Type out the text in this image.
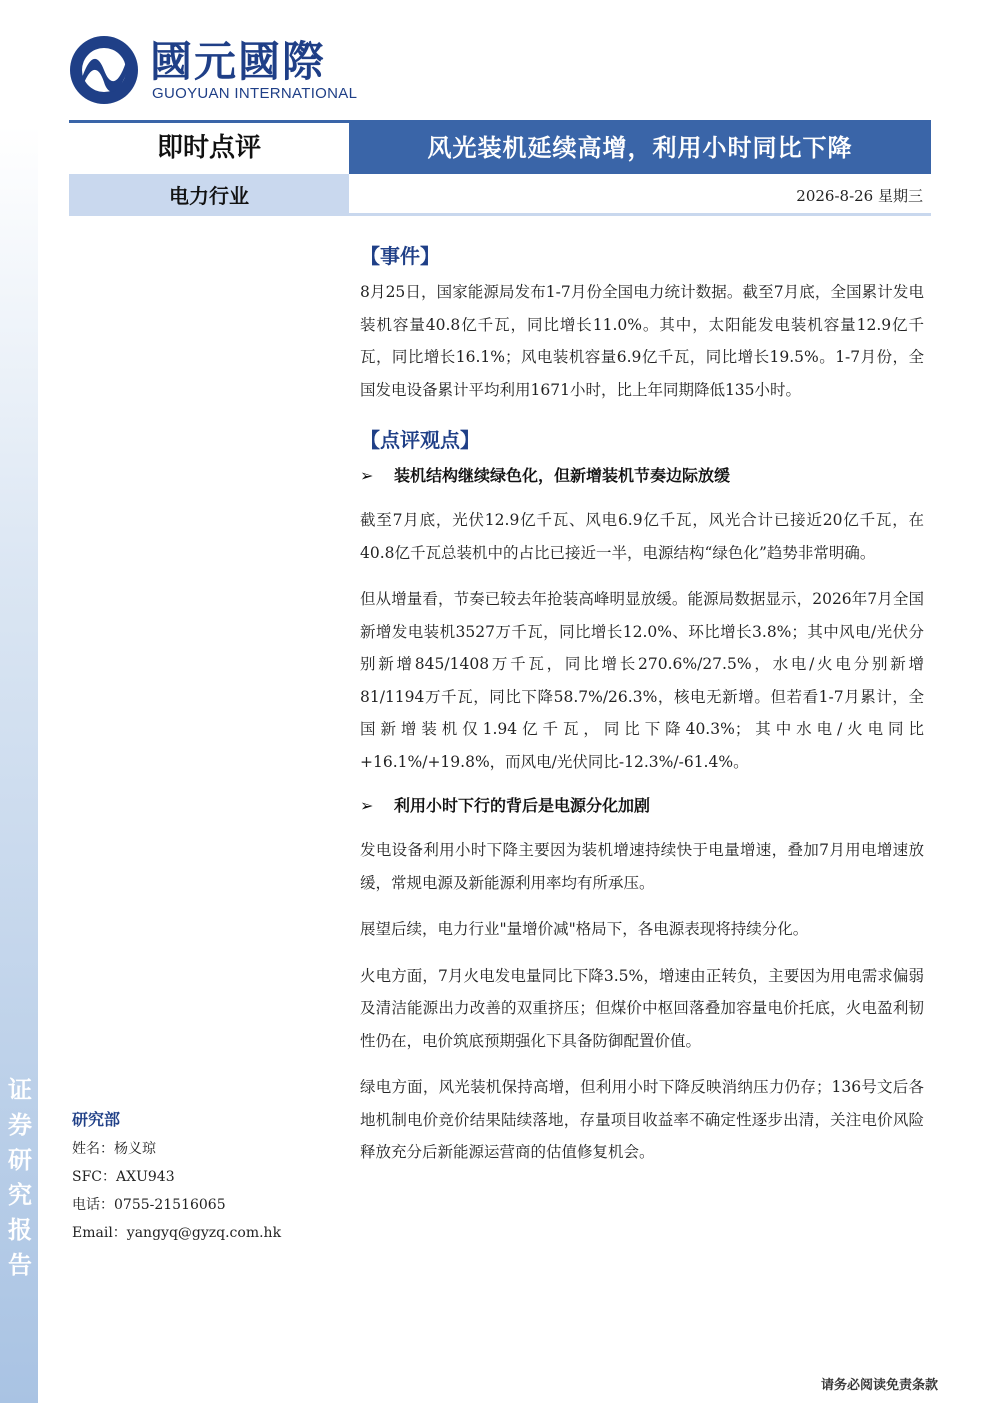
证
券
研
究
报
告
國元國際
GUOYUAN INTERNATIONAL
即时点评	风光装机延续高增，利用小时同比下降
电力行业	2026-8-26 星期三
【事件】

8月25日，国家能源局发布1-7月份全国电力统计数据。截至7月底，全国累计发电装机容量40.8亿千瓦，同比增长11.0%。其中，太阳能发电装机容量12.9亿千瓦，同比增长16.1%；风电装机容量6.9亿千瓦，同比增长19.5%。1-7月份，全国发电设备累计平均利用1671小时，比上年同期降低135小时。

【点评观点】
➢	装机结构继续绿色化，但新增装机节奏边际放缓

截至7月底，光伏12.9亿千瓦、风电6.9亿千瓦，风光合计已接近20亿千瓦，在40.8亿千瓦总装机中的占比已接近一半，电源结构“绿色化”趋势非常明确。

但从增量看，节奏已较去年抢装高峰明显放缓。能源局数据显示，2026年7月全国新增发电装机3527万千瓦，同比增长12.0%、环比增长3.8%；其中风电/光伏分别新增845/1408万千瓦，同比增长270.6%/27.5%，水电/火电分别新增81/1194万千瓦，同比下降58.7%/26.3%，核电无新增。但若看1-7月累计，全国新增装机仅1.94亿千瓦，同比下降40.3%；其中水电/火电同比+16.1%/+19.8%，而风电/光伏同比-12.3%/-61.4%。

➢	利用小时下行的背后是电源分化加剧

发电设备利用小时下降主要因为装机增速持续快于电量增速，叠加7月用电增速放缓，常规电源及新能源利用率均有所承压。

展望后续，电力行业"量增价减"格局下，各电源表现将持续分化。

火电方面，7月火电发电量同比下降3.5%，增速由正转负，主要因为用电需求偏弱及清洁能源出力改善的双重挤压；但煤价中枢回落叠加容量电价托底，火电盈利韧性仍在，电价筑底预期强化下具备防御配置价值。

绿电方面，风光装机保持高增，但利用小时下降反映消纳压力仍存；136号文后各地机制电价竞价结果陆续落地，存量项目收益率不确定性逐步出清，关注电价风险释放充分后新能源运营商的估值修复机会。

研究部
姓名：杨义琼
SFC：AXU943
电话：0755-21516065
Email：yangyq@gyzq.com.hk
请务必阅读免责条款
